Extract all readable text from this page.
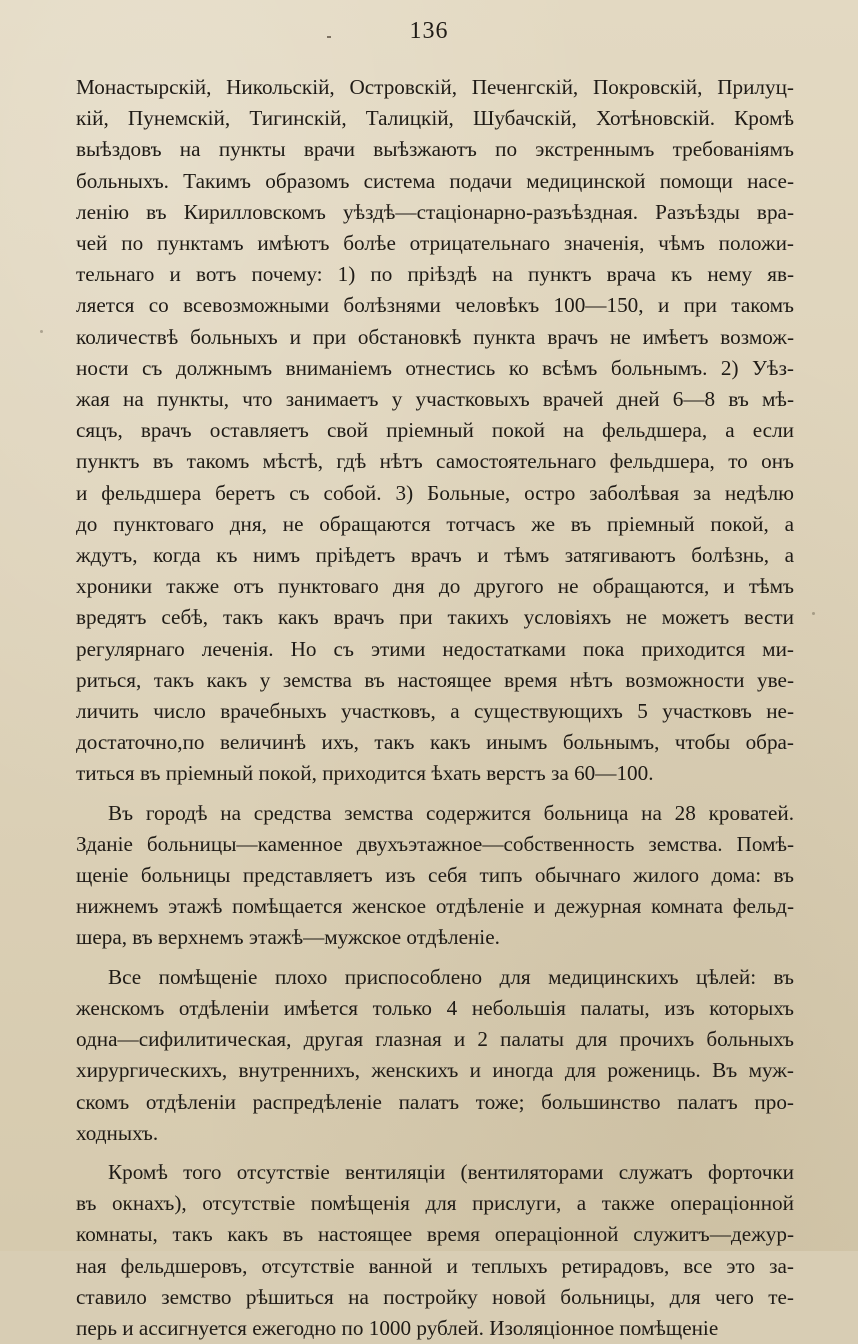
136
Монастырскій, Никольскій, Островскій, Печенгскій, Покровскій, Прилуц-
кій, Пунемскій, Тигинскій, Талицкій, Шубачскій, Хотѣновскій. Кромѣ
выѣздовъ на пункты врачи выѣзжаютъ по экстреннымъ требованіямъ
больныхъ. Такимъ образомъ система подачи медицинской помощи насе-
ленію въ Кирилловскомъ уѣздѣ—стаціонарно-разъѣздная. Разъѣзды вра-
чей по пунктамъ имѣютъ болѣе отрицательнаго значенія, чѣмъ положи-
тельнаго и вотъ почему: 1) по пріѣздѣ на пунктъ врача къ нему яв-
ляется со всевозможными болѣзнями человѣкъ 100—150, и при такомъ
количествѣ больныхъ и при обстановкѣ пункта врачъ не имѣетъ возмож-
ности съ должнымъ вниманіемъ отнестись ко всѣмъ больнымъ. 2) Уѣз-
жая на пункты, что занимаетъ у участковыхъ врачей дней 6—8 въ мѣ-
сяцъ, врачъ оставляетъ свой пріемный покой на фельдшера, а если
пунктъ въ такомъ мѣстѣ, гдѣ нѣтъ самостоятельнаго фельдшера, то онъ
и фельдшера беретъ съ собой. 3) Больные, остро заболѣвая за недѣлю
до пунктоваго дня, не обращаются тотчасъ же въ пріемный покой, а
ждутъ, когда къ нимъ пріѣдетъ врачъ и тѣмъ затягиваютъ болѣзнь, а
хроники также отъ пунктоваго дня до другого не обращаются, и тѣмъ
вредятъ себѣ, такъ какъ врачъ при такихъ условіяхъ не можетъ вести
регулярнаго леченія. Но съ этими недостатками пока приходится ми-
риться, такъ какъ у земства въ настоящее время нѣтъ возможности уве-
личить число врачебныхъ участковъ, а существующихъ 5 участковъ не-
достаточно,по величинѣ ихъ, такъ какъ инымъ больнымъ, чтобы обра-
титься въ пріемный покой, приходится ѣхать верстъ за 60—100.
Въ городѣ на средства земства содержится больница на 28 кроватей.
Зданіе больницы—каменное двухъэтажное—собственность земства. Помѣ-
щеніе больницы представляетъ изъ себя типъ обычнаго жилого дома: въ
нижнемъ этажѣ помѣщается женское отдѣленіе и дежурная комната фельд-
шера, въ верхнемъ этажѣ—мужское отдѣленіе.
Все помѣщеніе плохо приспособлено для медицинскихъ цѣлей: въ
женскомъ отдѣленіи имѣется только 4 небольшія палаты, изъ которыхъ
одна—сифилитическая, другая глазная и 2 палаты для прочихъ больныхъ
хирургическихъ, внутреннихъ, женскихъ и иногда для рожениць. Въ муж-
скомъ отдѣленіи распредѣленіе палатъ тоже; большинство палатъ про-
ходныхъ.
Кромѣ того отсутствіе вентиляціи (вентиляторами служатъ форточки
въ окнахъ), отсутствіе помѣщенія для прислуги, а также операціонной
комнаты, такъ какъ въ настоящее время операціонной служитъ—дежур-
ная фельдшеровъ, отсутствіе ванной и теплыхъ ретирадовъ, все это за-
ставило земство рѣшиться на постройку новой больницы, для чего те-
перь и ассигнуется ежегодно по 1000 рублей. Изоляціонное помѣщеніе
